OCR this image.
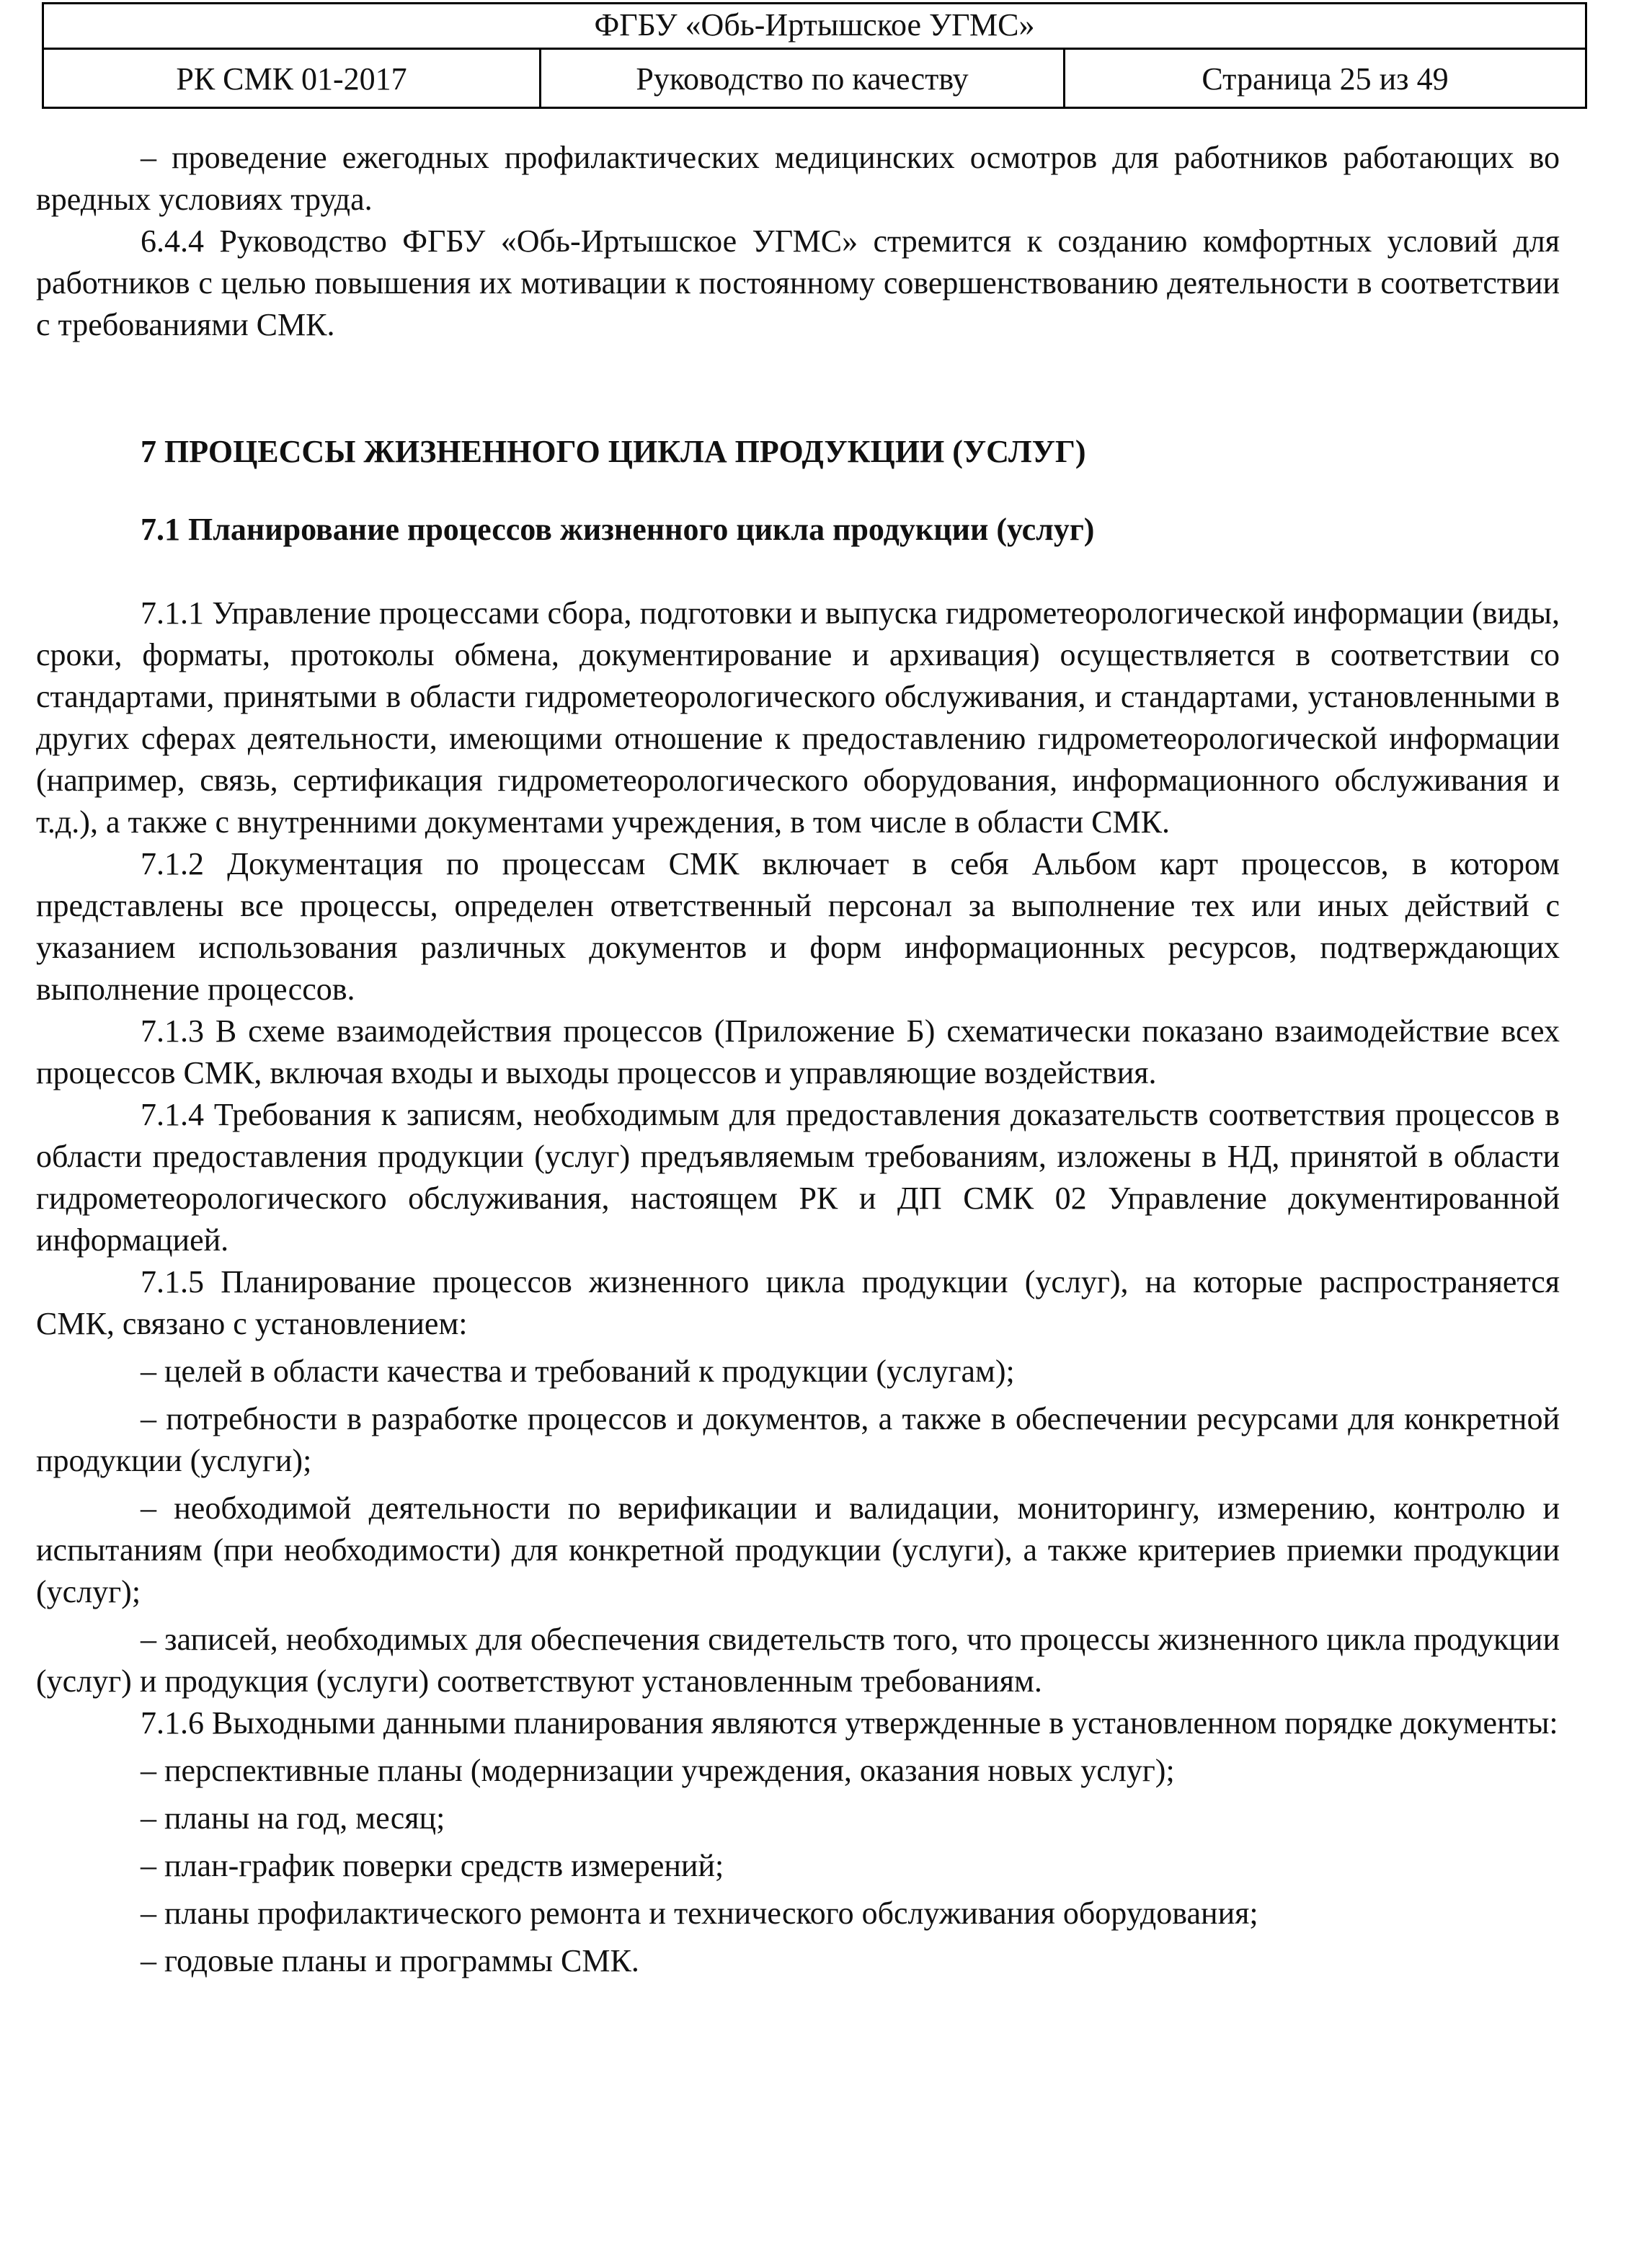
ФГБУ «Обь-Иртышское УГМС»
РК СМК 01-2017	Руководство по качеству	Страница 25 из 49

– проведение ежегодных профилактических медицинских осмотров для работников работающих во вредных условиях труда.

6.4.4 Руководство ФГБУ «Обь-Иртышское УГМС» стремится к созданию комфортных условий для работников с целью повышения их мотивации к постоянному совершенствованию деятельности в соответствии с требованиями СМК.

7 ПРОЦЕССЫ ЖИЗНЕННОГО ЦИКЛА ПРОДУКЦИИ (УСЛУГ)

7.1 Планирование процессов жизненного цикла продукции (услуг)

7.1.1 Управление процессами сбора, подготовки и выпуска гидрометеорологической информации (виды, сроки, форматы, протоколы обмена, документирование и архивация) осуществляется в соответствии со стандартами, принятыми в области гидрометеорологического обслуживания, и стандартами, установленными в других сферах деятельности, имеющими отношение к предоставлению гидрометеорологической информации (например, связь, сертификация гидрометеорологического оборудования, информационного обслуживания и т.д.), а также с внутренними документами учреждения, в том числе в области СМК.

7.1.2 Документация по процессам СМК включает в себя Альбом карт процессов, в котором представлены все процессы, определен ответственный персонал за выполнение тех или иных действий с указанием использования различных документов и форм информационных ресурсов, подтверждающих выполнение процессов.

7.1.3 В схеме взаимодействия процессов (Приложение Б) схематически показано взаимодействие всех процессов СМК, включая входы и выходы процессов и управляющие воздействия.

7.1.4 Требования к записям, необходимым для предоставления доказательств соответствия процессов в области предоставления продукции (услуг) предъявляемым требованиям, изложены в НД, принятой в области гидрометеорологического обслуживания, настоящем РК и ДП СМК 02 Управление документированной информацией.

7.1.5 Планирование процессов жизненного цикла продукции (услуг), на которые распространяется СМК, связано с установлением:

– целей в области качества и требований к продукции (услугам);

– потребности в разработке процессов и документов, а также в обеспечении ресурсами для конкретной продукции (услуги);

– необходимой деятельности по верификации и валидации, мониторингу, измерению, контролю и испытаниям (при необходимости) для конкретной продукции (услуги), а также критериев приемки продукции (услуг);

– записей, необходимых для обеспечения свидетельств того, что процессы жизненного цикла продукции (услуг) и продукция (услуги) соответствуют установленным требованиям.

7.1.6 Выходными данными планирования являются утвержденные в установленном порядке документы:

– перспективные планы (модернизации учреждения, оказания новых услуг);

– планы на год, месяц;

– план-график поверки средств измерений;

– планы профилактического ремонта и технического обслуживания оборудования;

– годовые планы и программы СМК.
